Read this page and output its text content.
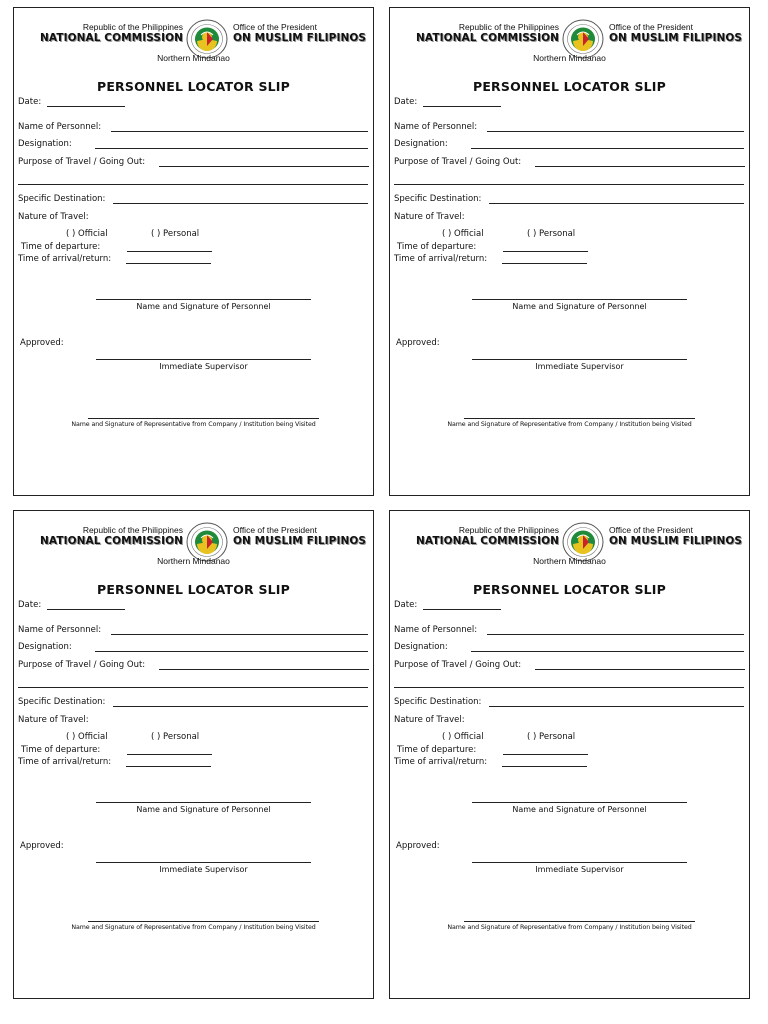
Republic of the Philippines
NATIONAL COMMISSION
Office of the President
ON MUSLIM FILIPINOS
Northern Mindanao
PERSONNEL LOCATOR SLIP
Date:
Name of Personnel:
Designation:
Purpose of Travel / Going Out:
Specific Destination:
Nature of Travel:
( ) Official	( ) Personal
Time of departure:
Time of arrival/return:
Name and Signature of Personnel
Approved:
Immediate Supervisor
Name and Signature of Representative from Company / Institution being Visited
Republic of the Philippines
NATIONAL COMMISSION
Office of the President
ON MUSLIM FILIPINOS
Northern Mindanao
PERSONNEL LOCATOR SLIP
Date:
Name of Personnel:
Designation:
Purpose of Travel / Going Out:
Specific Destination:
Nature of Travel:
( ) Official	( ) Personal
Time of departure:
Time of arrival/return:
Name and Signature of Personnel
Approved:
Immediate Supervisor
Name and Signature of Representative from Company / Institution being Visited
Republic of the Philippines
NATIONAL COMMISSION
Office of the President
ON MUSLIM FILIPINOS
Northern Mindanao
PERSONNEL LOCATOR SLIP
Date:
Name of Personnel:
Designation:
Purpose of Travel / Going Out:
Specific Destination:
Nature of Travel:
( ) Official	( ) Personal
Time of departure:
Time of arrival/return:
Name and Signature of Personnel
Approved:
Immediate Supervisor
Name and Signature of Representative from Company / Institution being Visited
Republic of the Philippines
NATIONAL COMMISSION
Office of the President
ON MUSLIM FILIPINOS
Northern Mindanao
PERSONNEL LOCATOR SLIP
Date:
Name of Personnel:
Designation:
Purpose of Travel / Going Out:
Specific Destination:
Nature of Travel:
( ) Official	( ) Personal
Time of departure:
Time of arrival/return:
Name and Signature of Personnel
Approved:
Immediate Supervisor
Name and Signature of Representative from Company / Institution being Visited
